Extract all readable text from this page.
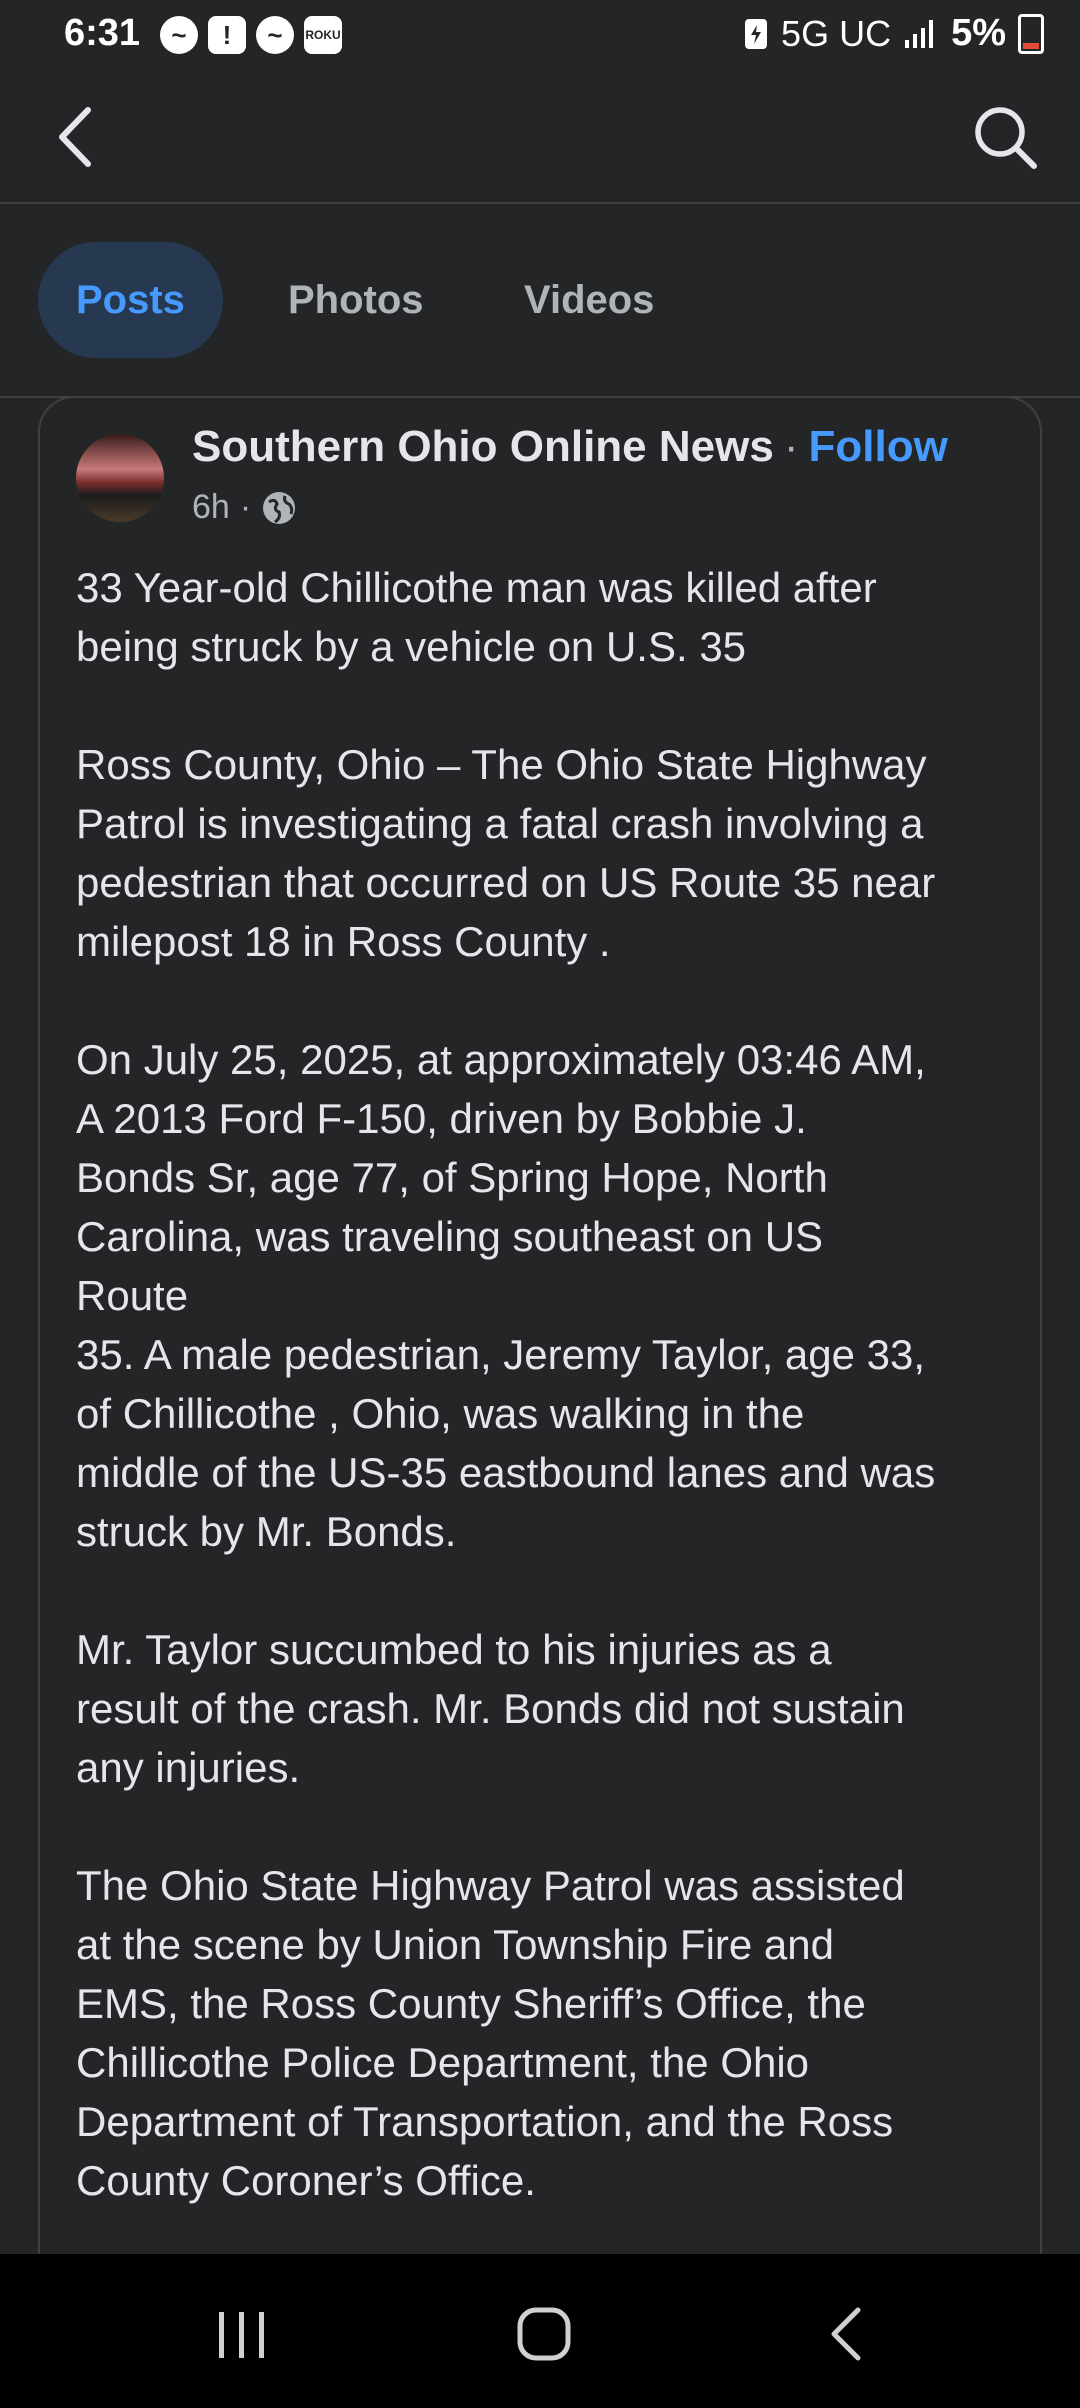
6:31	~	!	~	ROKU	5G UC 5%
Posts	Photos	Videos
Southern Ohio Online News · Follow
6h ·

33 Year-old Chillicothe man was killed after
being struck by a vehicle on U.S. 35

Ross County, Ohio – The Ohio State Highway
Patrol is investigating a fatal crash involving a
pedestrian that occurred on US Route 35 near
milepost 18 in Ross County .

On July 25, 2025, at approximately 03:46 AM,
A 2013 Ford F-150, driven by Bobbie J.
Bonds Sr, age 77, of Spring Hope, North
Carolina, was traveling southeast on US
Route
35. A male pedestrian, Jeremy Taylor, age 33,
of Chillicothe , Ohio, was walking in the
middle of the US-35 eastbound lanes and was
struck by Mr. Bonds.

Mr. Taylor succumbed to his injuries as a
result of the crash. Mr. Bonds did not sustain
any injuries.

The Ohio State Highway Patrol was assisted
at the scene by Union Township Fire and
EMS, the Ross County Sheriff’s Office, the
Chillicothe Police Department, the Ohio
Department of Transportation, and the Ross
County Coroner’s Office.
